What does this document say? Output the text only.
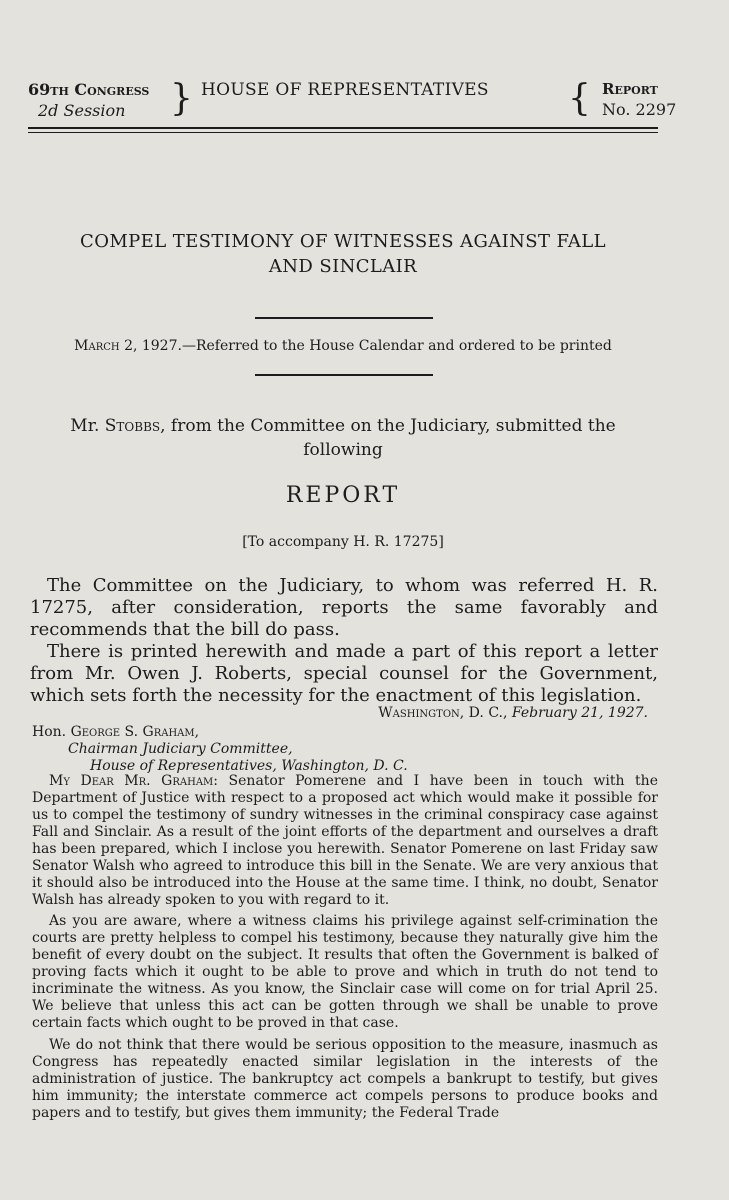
69th Congress
2d Session	} HOUSE OF REPRESENTATIVES { Report
No. 2297
COMPEL TESTIMONY OF WITNESSES AGAINST FALL
AND SINCLAIR
March 2, 1927.—Referred to the House Calendar and ordered to be printed
Mr. Stobbs, from the Committee on the Judiciary, submitted the
following
REPORT
[To accompany H. R. 17275]

The Committee on the Judiciary, to whom was referred H. R. 17275, after consideration, reports the same favorably and recommends that the bill do pass.

There is printed herewith and made a part of this report a letter from Mr. Owen J. Roberts, special counsel for the Government, which sets forth the necessity for the enactment of this legislation.

Washington, D. C., February 21, 1927.
Hon. George S. Graham,
Chairman Judiciary Committee,
House of Representatives, Washington, D. C.

My Dear Mr. Graham: Senator Pomerene and I have been in touch with the Department of Justice with respect to a proposed act which would make it possible for us to compel the testimony of sundry witnesses in the criminal conspiracy case against Fall and Sinclair. As a result of the joint efforts of the department and ourselves a draft has been prepared, which I inclose you herewith. Senator Pomerene on last Friday saw Senator Walsh who agreed to introduce this bill in the Senate. We are very anxious that it should also be introduced into the House at the same time. I think, no doubt, Senator Walsh has already spoken to you with regard to it.

As you are aware, where a witness claims his privilege against self-crimination the courts are pretty helpless to compel his testimony, because they naturally give him the benefit of every doubt on the subject. It results that often the Government is balked of proving facts which it ought to be able to prove and which in truth do not tend to incriminate the witness. As you know, the Sinclair case will come on for trial April 25. We believe that unless this act can be gotten through we shall be unable to prove certain facts which ought to be proved in that case.

We do not think that there would be serious opposition to the measure, inasmuch as Congress has repeatedly enacted similar legislation in the interests of the administration of justice. The bankruptcy act compels a bankrupt to testify, but gives him immunity; the interstate commerce act compels persons to produce books and papers and to testify, but gives them immunity; the Federal Trade
